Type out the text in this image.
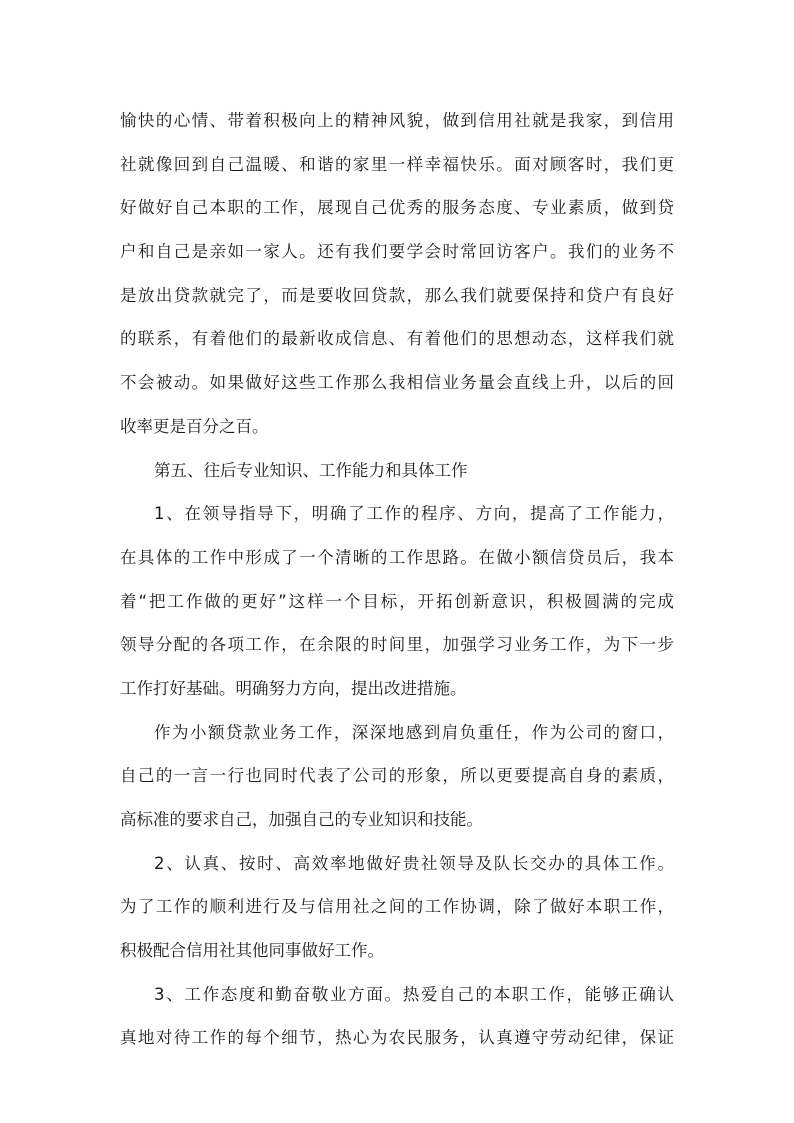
愉快的心情、带着积极向上的精神风貌，做到信用社就是我家，到信用
社就像回到自己温暖、和谐的家里一样幸福快乐。面对顾客时，我们更
好做好自己本职的工作，展现自己优秀的服务态度、专业素质，做到贷
户和自己是亲如一家人。还有我们要学会时常回访客户。我们的业务不
是放出贷款就完了，而是要收回贷款，那么我们就要保持和贷户有良好
的联系，有着他们的最新收成信息、有着他们的思想动态，这样我们就
不会被动。如果做好这些工作那么我相信业务量会直线上升，以后的回
收率更是百分之百。

第五、往后专业知识、工作能力和具体工作

1、在领导指导下，明确了工作的程序、方向，提高了工作能力，
在具体的工作中形成了一个清晰的工作思路。在做小额信贷员后，我本
着“把工作做的更好”这样一个目标，开拓创新意识，积极圆满的完成
领导分配的各项工作，在余限的时间里，加强学习业务工作，为下一步
工作打好基础。明确努力方向，提出改进措施。

作为小额贷款业务工作，深深地感到肩负重任，作为公司的窗口，
自己的一言一行也同时代表了公司的形象，所以更要提高自身的素质，
高标准的要求自己，加强自己的专业知识和技能。

2、认真、按时、高效率地做好贵社领导及队长交办的具体工作。
为了工作的顺利进行及与信用社之间的工作协调，除了做好本职工作，
积极配合信用社其他同事做好工作。

3、工作态度和勤奋敬业方面。热爱自己的本职工作，能够正确认
真地对待工作的每个细节，热心为农民服务，认真遵守劳动纪律，保证
